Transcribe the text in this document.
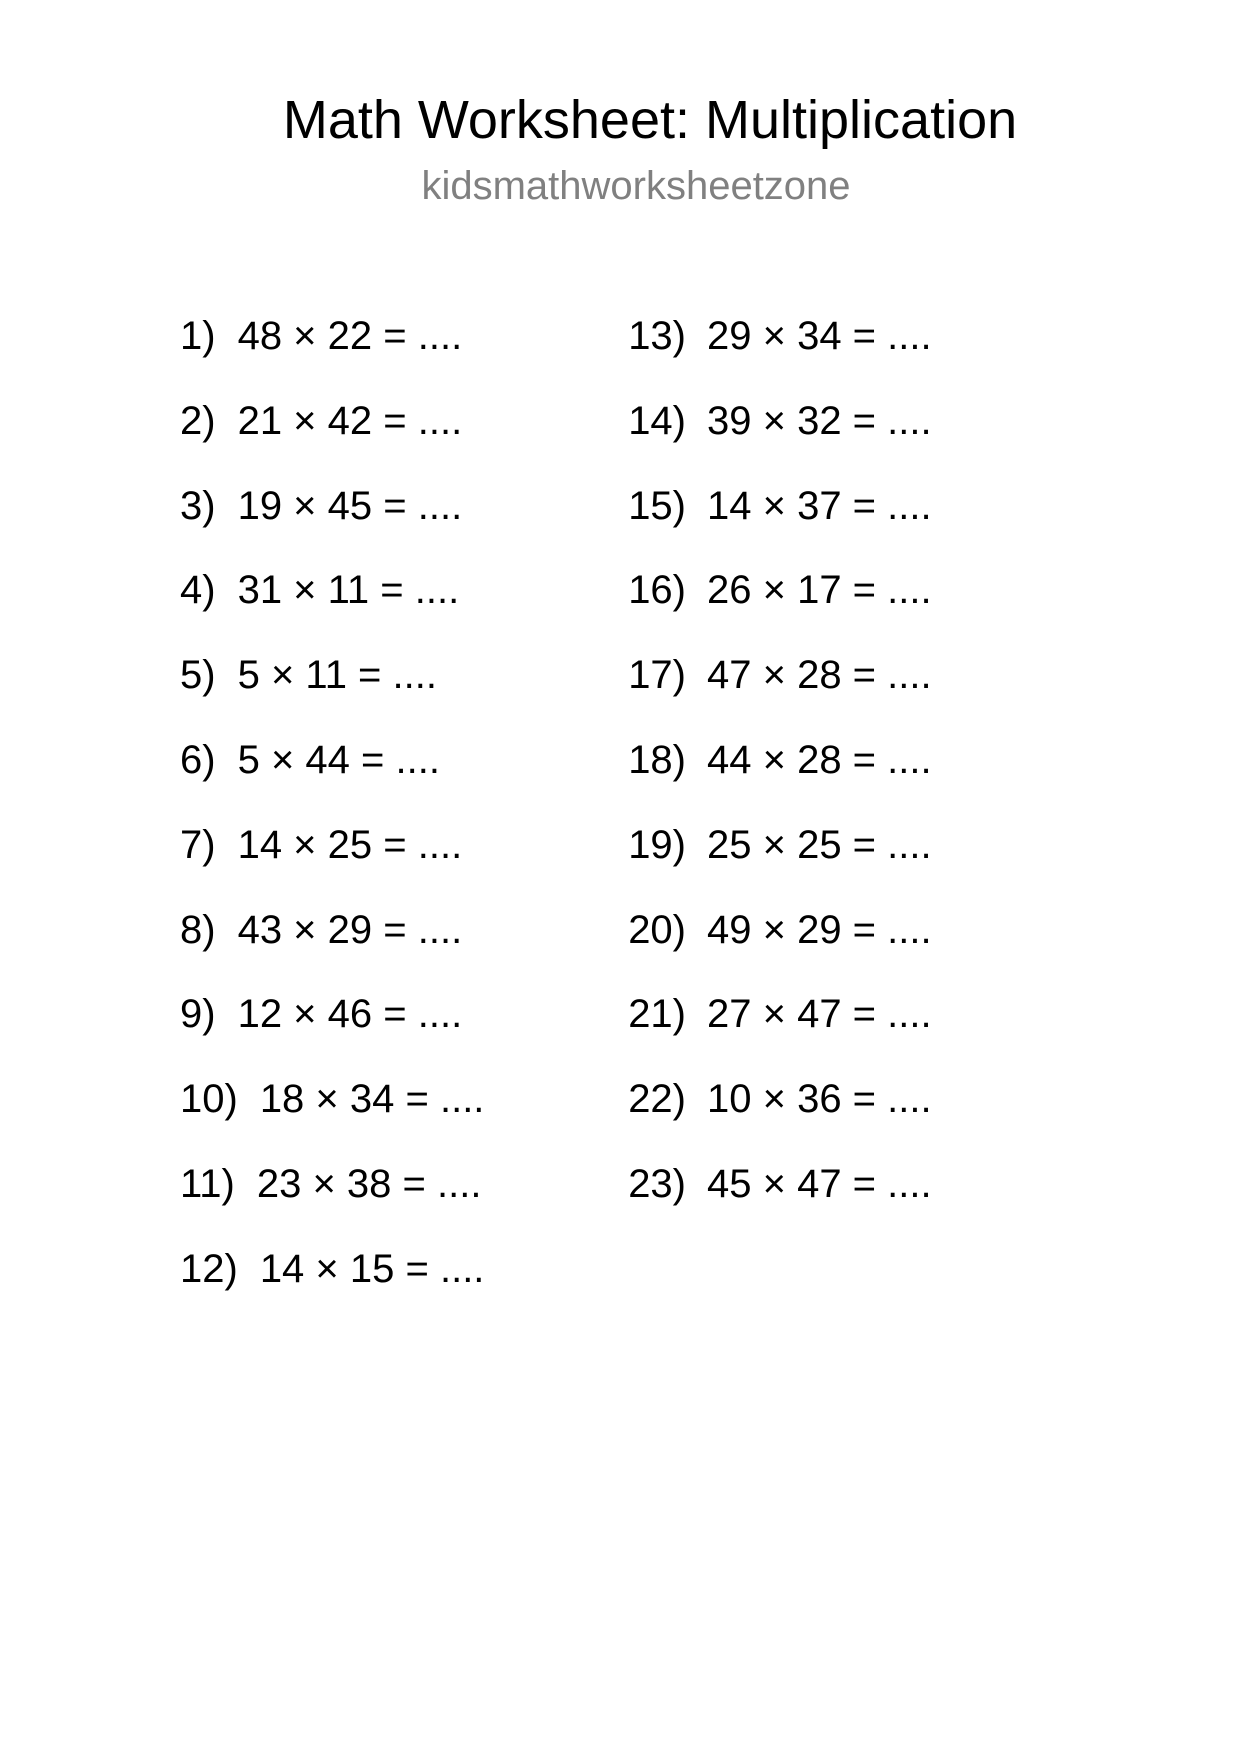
Math Worksheet: Multiplication
kidsmathworksheetzone
1) 48 × 22 = ....
2) 21 × 42 = ....
3) 19 × 45 = ....
4) 31 × 11 = ....
5) 5 × 11 = ....
6) 5 × 44 = ....
7) 14 × 25 = ....
8) 43 × 29 = ....
9) 12 × 46 = ....
10) 18 × 34 = ....
11) 23 × 38 = ....
12) 14 × 15 = ....
13) 29 × 34 = ....
14) 39 × 32 = ....
15) 14 × 37 = ....
16) 26 × 17 = ....
17) 47 × 28 = ....
18) 44 × 28 = ....
19) 25 × 25 = ....
20) 49 × 29 = ....
21) 27 × 47 = ....
22) 10 × 36 = ....
23) 45 × 47 = ....
